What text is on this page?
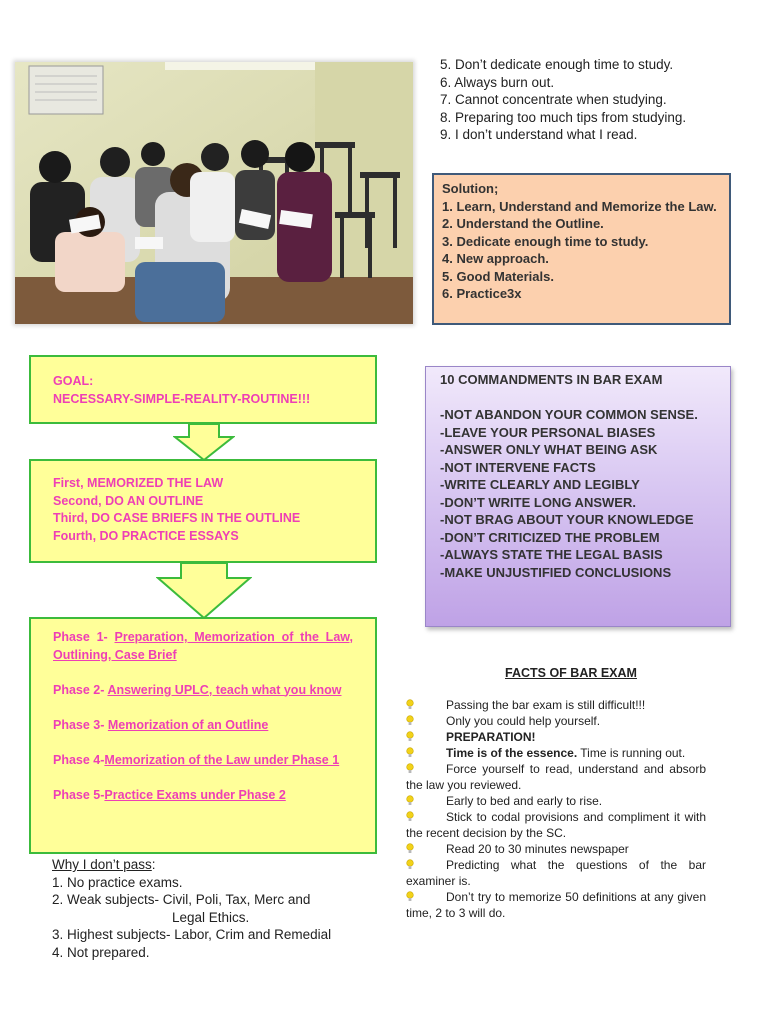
5. Don’t dedicate enough time to study.
6. Always burn out.
7. Cannot concentrate when studying.
8. Preparing too much tips from studying.
9. I don’t understand what I read.
Solution;
1. Learn, Understand and Memorize the Law.
2. Understand the Outline.
3. Dedicate enough time to study.
4. New approach.
5. Good Materials.
6. Practice3x
GOAL:
NECESSARY-SIMPLE-REALITY-ROUTINE!!!
First, MEMORIZED THE LAW
Second, DO AN OUTLINE
Third, DO CASE BRIEFS IN THE OUTLINE
Fourth, DO PRACTICE ESSAYS
Phase 1- Preparation, Memorization of the Law, Outlining, Case Brief
Phase 2- Answering UPLC, teach what you know
Phase 3- Memorization of an Outline
Phase 4-Memorization of the Law under Phase 1
Phase 5-Practice Exams under Phase 2
Why I don’t pass:
1. No practice exams.
2. Weak subjects- Civil, Poli, Tax, Merc and
Legal Ethics.
3. Highest subjects- Labor, Crim and Remedial
4. Not prepared.
10 COMMANDMENTS IN BAR EXAM
-NOT ABANDON YOUR COMMON SENSE.
-LEAVE YOUR PERSONAL BIASES
-ANSWER ONLY WHAT BEING ASK
-NOT INTERVENE FACTS
-WRITE CLEARLY AND LEGIBLY
-DON’T WRITE LONG ANSWER.
-NOT BRAG ABOUT YOUR KNOWLEDGE
-DON’T CRITICIZED THE PROBLEM
-ALWAYS STATE THE LEGAL BASIS
-MAKE UNJUSTIFIED CONCLUSIONS
FACTS OF BAR EXAM
Passing the bar exam is still difficult!!!
Only you could help yourself.
PREPARATION!
Time is of the essence. Time is running out.
Force yourself to read, understand and absorb the law you reviewed.
Early to bed and early to rise.
Stick to codal provisions and compliment it with the recent decision by the SC.
Read 20 to 30 minutes newspaper
Predicting what the questions of the bar examiner is.
Don’t try to memorize 50 definitions at any given time, 2 to 3 will do.
